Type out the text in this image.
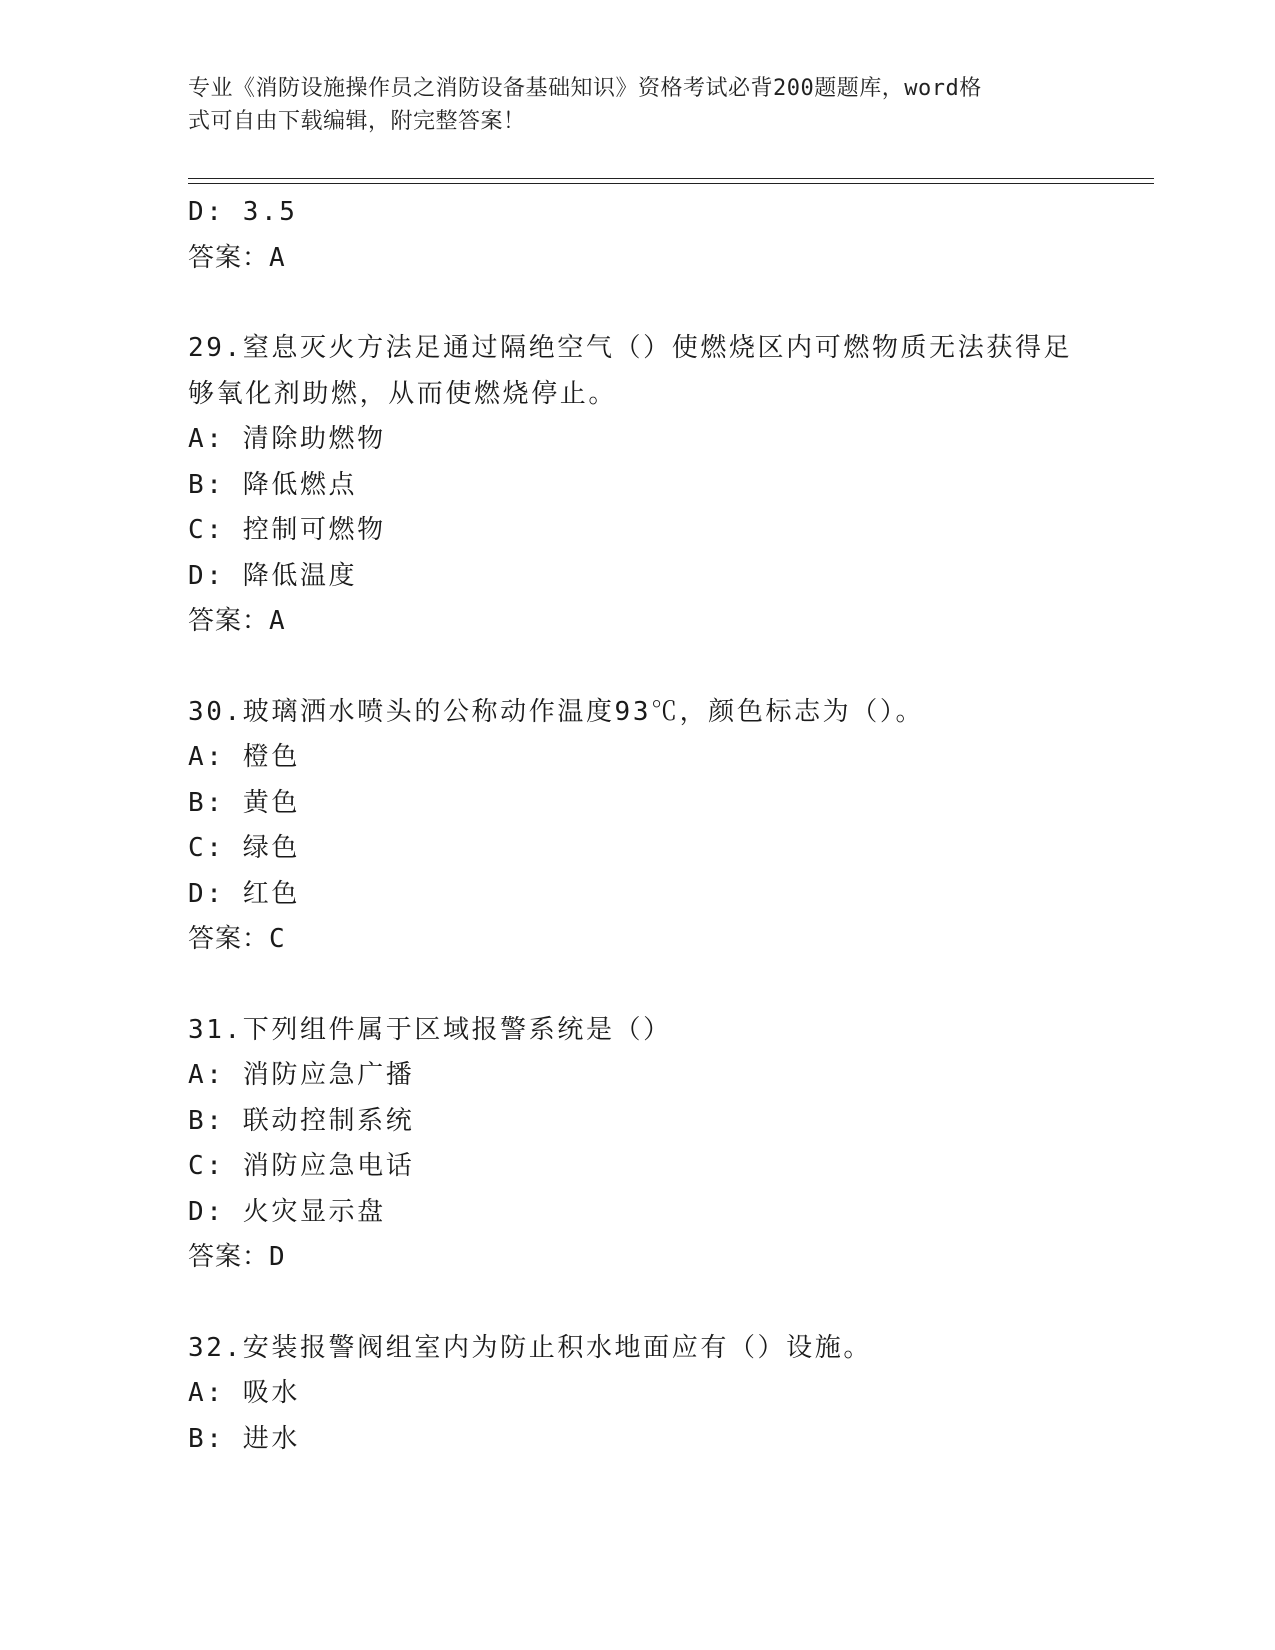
专业《消防设施操作员之消防设备基础知识》资格考试必背200题题库，word格
式可自由下载编辑，附完整答案！
D: 3.5
答案：A
29.窒息灭火方法足通过隔绝空气（）使燃烧区内可燃物质无法获得足
够氧化剂助燃，从而使燃烧停止。
A: 清除助燃物
B: 降低燃点
C: 控制可燃物
D: 降低温度
答案：A
30.玻璃洒水喷头的公称动作温度93℃，颜色标志为（）。
A: 橙色
B: 黄色
C: 绿色
D: 红色
答案：C
31.下列组件属于区域报警系统是（）
A: 消防应急广播
B: 联动控制系统
C: 消防应急电话
D: 火灾显示盘
答案：D
32.安装报警阀组室内为防止积水地面应有（）设施。
A: 吸水
B: 进水
